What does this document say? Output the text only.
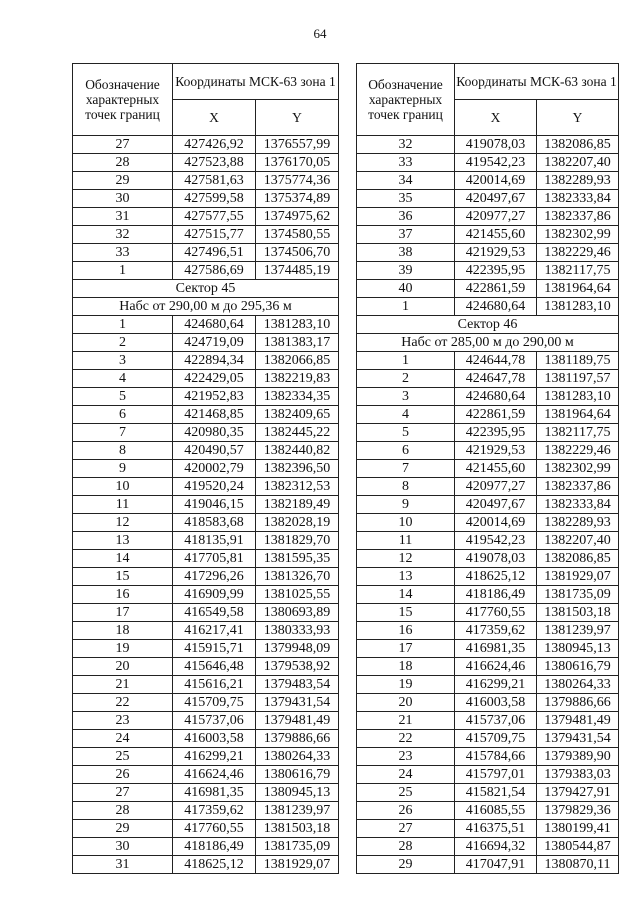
64
Обозначение характерных точек границ	Координаты МСК-63 зона 1	
	X	Y
27	427426,92	1376557,99
28	427523,88	1376170,05
29	427581,63	1375774,36
30	427599,58	1375374,89
31	427577,55	1374975,62
32	427515,77	1374580,55
33	427496,51	1374506,70
1	427586,69	1374485,19
Сектор 45		
Набс от 290,00 м до 295,36 м		
1	424680,64	1381283,10
2	424719,09	1381383,17
3	422894,34	1382066,85
4	422429,05	1382219,83
5	421952,83	1382334,35
6	421468,85	1382409,65
7	420980,35	1382445,22
8	420490,57	1382440,82
9	420002,79	1382396,50
10	419520,24	1382312,53
11	419046,15	1382189,49
12	418583,68	1382028,19
13	418135,91	1381829,70
14	417705,81	1381595,35
15	417296,26	1381326,70
16	416909,99	1381025,55
17	416549,58	1380693,89
18	416217,41	1380333,93
19	415915,71	1379948,09
20	415646,48	1379538,92
21	415616,21	1379483,54
22	415709,75	1379431,54
23	415737,06	1379481,49
24	416003,58	1379886,66
25	416299,21	1380264,33
26	416624,46	1380616,79
27	416981,35	1380945,13
28	417359,62	1381239,97
29	417760,55	1381503,18
30	418186,49	1381735,09
31	418625,12	1381929,07
Обозначение характерных точек границ	Координаты МСК-63 зона 1	
	X	Y
32	419078,03	1382086,85
33	419542,23	1382207,40
34	420014,69	1382289,93
35	420497,67	1382333,84
36	420977,27	1382337,86
37	421455,60	1382302,99
38	421929,53	1382229,46
39	422395,95	1382117,75
40	422861,59	1381964,64
1	424680,64	1381283,10
Сектор 46		
Набс от 285,00 м до 290,00 м		
1	424644,78	1381189,75
2	424647,78	1381197,57
3	424680,64	1381283,10
4	422861,59	1381964,64
5	422395,95	1382117,75
6	421929,53	1382229,46
7	421455,60	1382302,99
8	420977,27	1382337,86
9	420497,67	1382333,84
10	420014,69	1382289,93
11	419542,23	1382207,40
12	419078,03	1382086,85
13	418625,12	1381929,07
14	418186,49	1381735,09
15	417760,55	1381503,18
16	417359,62	1381239,97
17	416981,35	1380945,13
18	416624,46	1380616,79
19	416299,21	1380264,33
20	416003,58	1379886,66
21	415737,06	1379481,49
22	415709,75	1379431,54
23	415784,66	1379389,90
24	415797,01	1379383,03
25	415821,54	1379427,91
26	416085,55	1379829,36
27	416375,51	1380199,41
28	416694,32	1380544,87
29	417047,91	1380870,11
